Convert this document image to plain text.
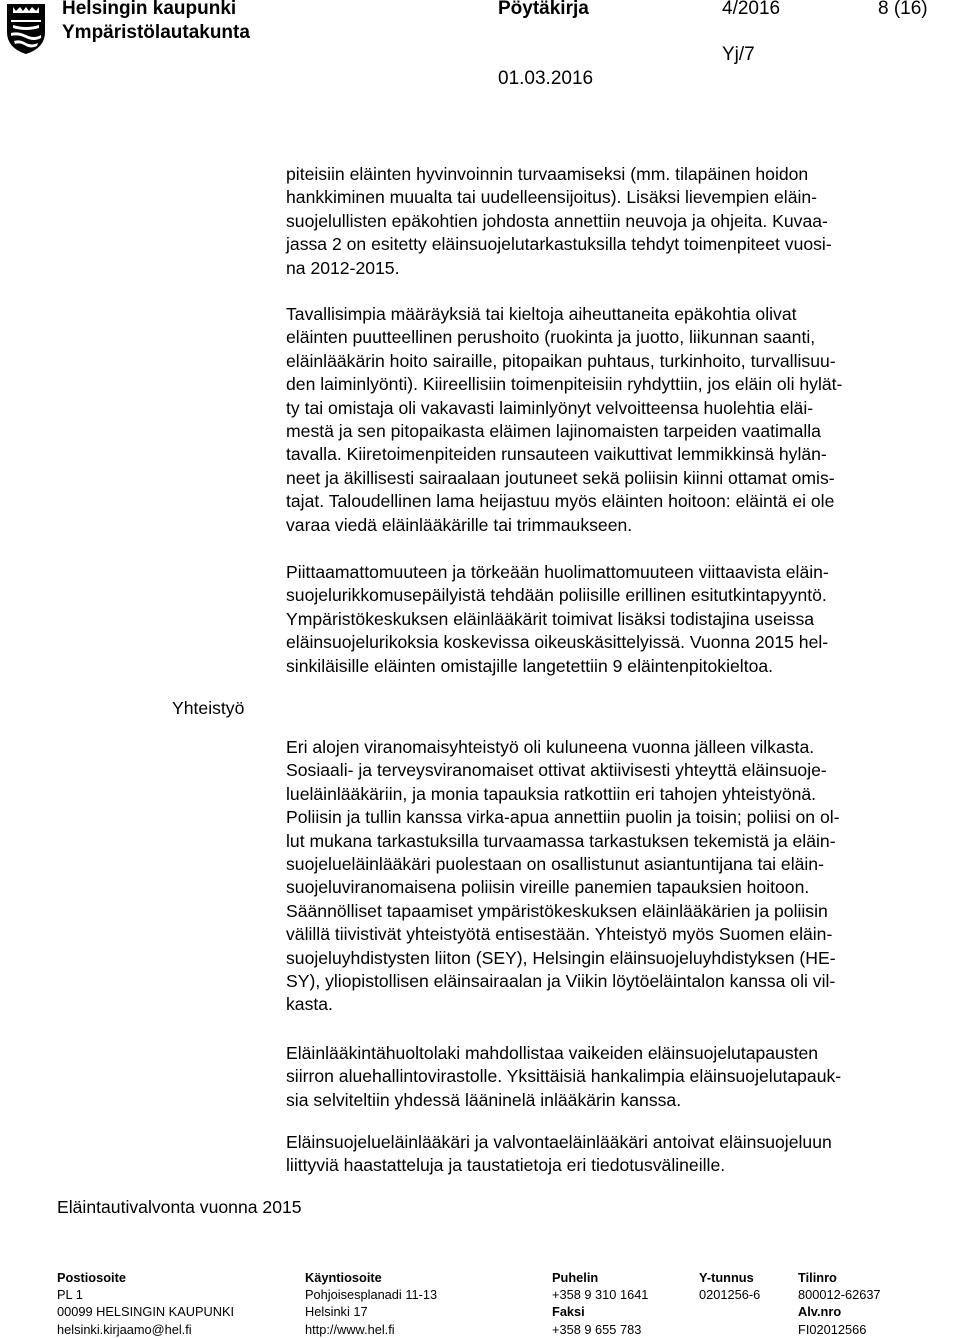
Helsingin kaupunki
Ympäristölautakunta
Pöytäkirja	4/2016	8 (16)
Yj/7
01.03.2016
Yhteistyö
Eläintautivalvonta vuonna 2015
piteisiin eläinten hyvinvoinnin turvaamiseksi (mm. tilapäinen hoidon
hankkiminen muualta tai uudelleensijoitus). Lisäksi lievempien eläin-
suojelullisten epäkohtien johdosta annettiin neuvoja ja ohjeita. Kuvaa-
jassa 2 on esitetty eläinsuojelutarkastuksilla tehdyt toimenpiteet vuosi-
na 2012-2015.
Tavallisimpia määräyksiä tai kieltoja aiheuttaneita epäkohtia olivat
eläinten puutteellinen perushoito (ruokinta ja juotto, liikunnan saanti,
eläinlääkärin hoito sairaille, pitopaikan puhtaus, turkinhoito, turvallisuu-
den laiminlyönti). Kiireellisiin toimenpiteisiin ryhdyttiin, jos eläin oli hylät-
ty tai omistaja oli vakavasti laiminlyönyt velvoitteensa huolehtia eläi-
mestä ja sen pitopaikasta eläimen lajinomaisten tarpeiden vaatimalla
tavalla. Kiiretoimenpiteiden runsauteen vaikuttivat lemmikkinsä hylän-
neet ja äkillisesti sairaalaan joutuneet sekä poliisin kiinni ottamat omis-
tajat. Taloudellinen lama heijastuu myös eläinten hoitoon: eläintä ei ole
varaa viedä eläinlääkärille tai trimmaukseen.
Piittaamattomuuteen ja törkeään huolimattomuuteen viittaavista eläin-
suojelurikkomusepäilyistä tehdään poliisille erillinen esitutkintapyyntö.
Ympäristökeskuksen eläinlääkärit toimivat lisäksi todistajina useissa
eläinsuojelurikoksia koskevissa oikeuskäsittelyissä. Vuonna 2015 hel-
sinkiläisille eläinten omistajille langetettiin 9 eläintenpitokieltoa.
Eri alojen viranomaisyhteistyö oli kuluneena vuonna jälleen vilkasta.
Sosiaali- ja terveysviranomaiset ottivat aktiivisesti yhteyttä eläinsuoje-
lueläinlääkäriin, ja monia tapauksia ratkottiin eri tahojen yhteistyönä.
Poliisin ja tullin kanssa virka-apua annettiin puolin ja toisin; poliisi on ol-
lut mukana tarkastuksilla turvaamassa tarkastuksen tekemistä ja eläin-
suojelueläinlääkäri puolestaan on osallistunut asiantuntijana tai eläin-
suojeluviranomaisena poliisin vireille panemien tapauksien hoitoon.
Säännölliset tapaamiset ympäristökeskuksen eläinlääkärien ja poliisin
välillä tiivistivät yhteistyötä entisestään. Yhteistyö myös Suomen eläin-
suojeluyhdistysten liiton (SEY), Helsingin eläinsuojeluyhdistyksen (HE-
SY), yliopistollisen eläinsairaalan ja Viikin löytöeläintalon kanssa oli vil-
kasta.
Eläinlääkintähuoltolaki mahdollistaa vaikeiden eläinsuojelutapausten
siirron aluehallintovirastolle. Yksittäisiä hankalimpia eläinsuojelutapauk-
sia selviteltiin yhdessä lääninelä inlääkärin kanssa.
Eläinsuojelueläinlääkäri ja valvontaeläinlääkäri antoivat eläinsuojeluun
liittyviä haastatteluja ja taustatietoja eri tiedotusvälineille.
Postiosoite
PL 1
00099 HELSINGIN KAUPUNKI
helsinki.kirjaamo@hel.fi
Käyntiosoite
Pohjoisesplanadi 11-13
Helsinki 17
http://www.hel.fi
Puhelin
+358 9 310 1641
Faksi
+358 9 655 783
Y-tunnus
0201256-6
Tilinro
800012-62637
Alv.nro
FI02012566
